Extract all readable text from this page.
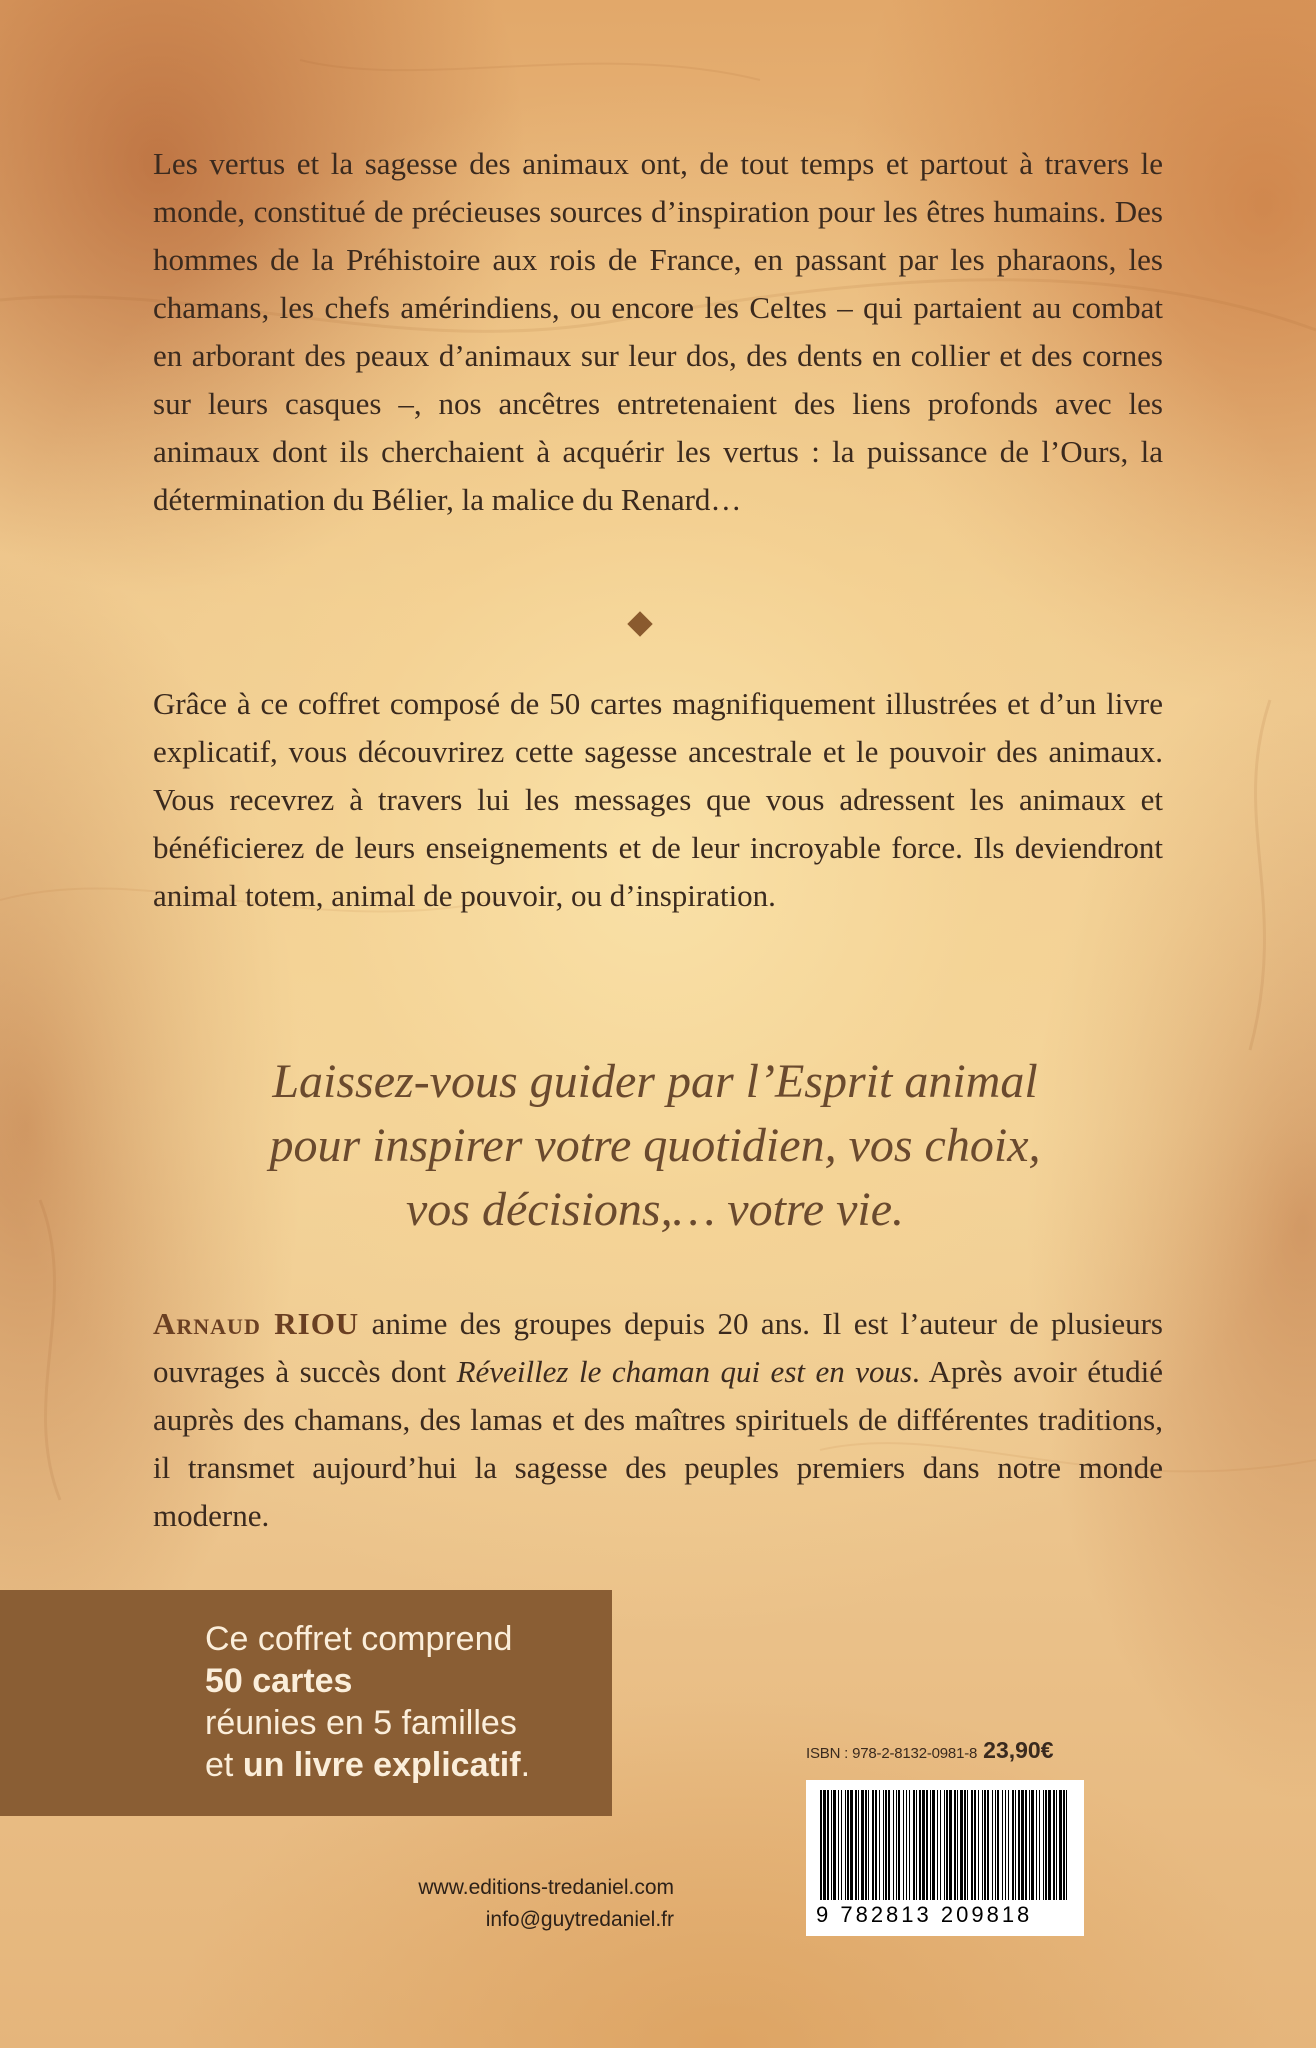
Les vertus et la sagesse des animaux ont, de tout temps et partout à travers le monde, constitué de précieuses sources d’inspiration pour les êtres humains. Des hommes de la Préhistoire aux rois de France, en passant par les pharaons, les chamans, les chefs amérindiens, ou encore les Celtes – qui partaient au combat en arborant des peaux d’animaux sur leur dos, des dents en collier et des cornes sur leurs casques –, nos ancêtres entretenaient des liens profonds avec les animaux dont ils cherchaient à acquérir les vertus : la puissance de l’Ours, la détermination du Bélier, la malice du Renard…

Grâce à ce coffret composé de 50 cartes magnifiquement illustrées et d’un livre explicatif, vous découvrirez cette sagesse ancestrale et le pouvoir des animaux. Vous recevrez à travers lui les messages que vous adressent les animaux et bénéficierez de leurs enseignements et de leur incroyable force. Ils deviendront animal totem, animal de pouvoir, ou d’inspiration.

Laissez-vous guider par l’Esprit animal
pour inspirer votre quotidien, vos choix,
vos décisions,… votre vie.

Arnaud RIOU anime des groupes depuis 20 ans. Il est l’auteur de plusieurs ouvrages à succès dont Réveillez le chaman qui est en vous. Après avoir étudié auprès des chamans, des lamas et des maîtres spirituels de différentes traditions, il transmet aujourd’hui la sagesse des peuples premiers dans notre monde moderne.

Ce coffret comprend
50 cartes
réunies en 5 familles
et un livre explicatif.	ISBN : 978-2-8132-0981-8 23,90€
9 782813 209818
www.editions-tredaniel.com
info@guytredaniel.fr
